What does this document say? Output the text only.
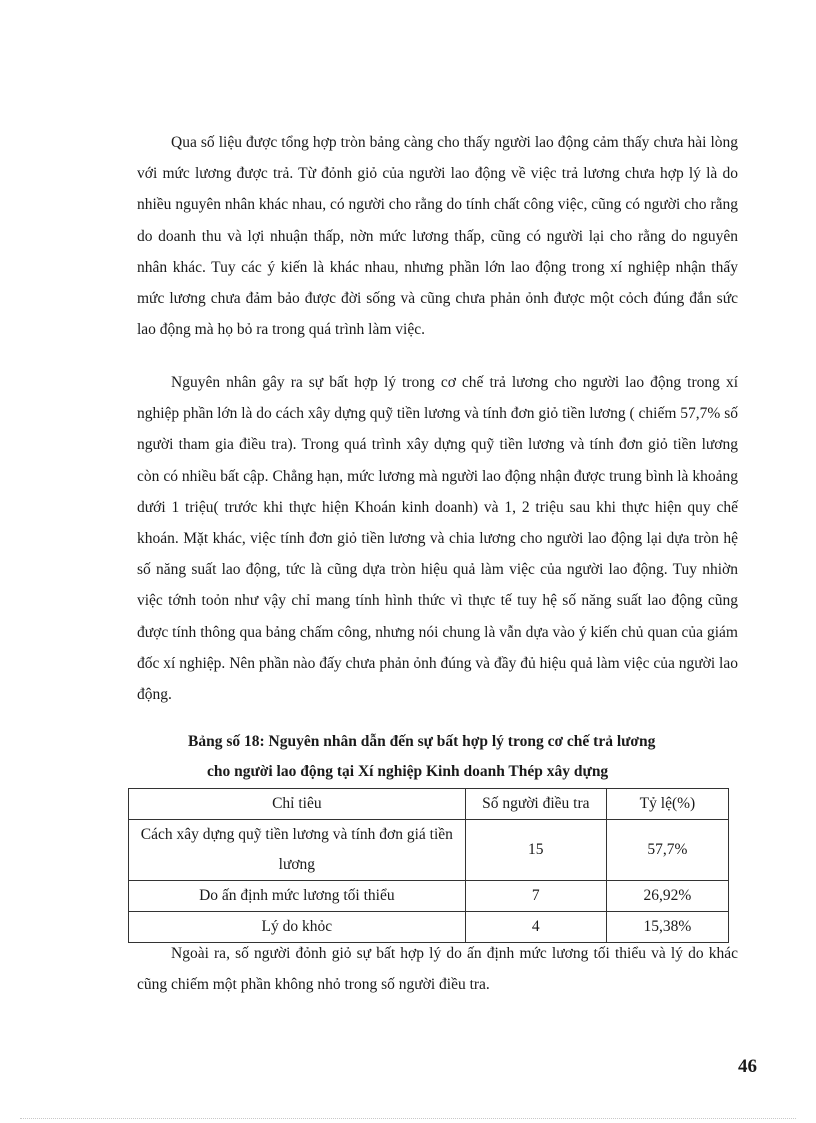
Qua số liệu được tổng hợp tròn bảng càng cho thấy người lao động cảm thấy chưa hài lòng với mức lương được trả. Từ đỏnh giỏ của người lao động về việc trả lương chưa hợp lý là do nhiều nguyên nhân khác nhau, có người cho rằng do tính chất công việc, cũng có người cho rằng do doanh thu và lợi nhuận thấp, nờn mức lương thấp, cũng có người lại cho rằng do nguyên nhân khác. Tuy các ý kiến là khác nhau, nhưng phần lớn lao động trong xí nghiệp nhận thấy mức lương chưa đảm bảo được đời sống và cũng chưa phản ỏnh được một cỏch đúng đắn sức lao động mà họ bỏ ra trong quá trình làm việc.

Nguyên nhân gây ra sự bất hợp lý trong cơ chế trả lương cho người lao động trong xí nghiệp phần lớn là do cách xây dựng quỹ tiền lương và tính đơn giỏ tiền lương ( chiếm 57,7% số người tham gia điều tra). Trong quá trình xây dựng quỹ tiền lương và tính đơn giỏ tiền lương còn có nhiều bất cập. Chẳng hạn, mức lương mà người lao động nhận được trung bình là khoảng dưới 1 triệu( trước khi thực hiện Khoán kinh doanh) và 1, 2 triệu sau khi thực hiện quy chế khoán. Mặt khác, việc tính đơn giỏ tiền lương và chia lương cho người lao động lại dựa tròn hệ số năng suất lao động, tức là cũng dựa tròn hiệu quả làm việc của người lao động. Tuy nhiờn việc tớnh toỏn như vậy chỉ mang tính hình thức vì thực tế tuy hệ số năng suất lao động cũng được tính thông qua bảng chấm công, nhưng nói chung là vẫn dựa vào ý kiến chủ quan của giám đốc xí nghiệp. Nên phần nào đấy chưa phản ỏnh đúng và đầy đủ hiệu quả làm việc của người lao động.

Bảng số 18: Nguyên nhân dẫn đến sự bất hợp lý trong cơ chế trả lương

cho người lao động tại Xí nghiệp Kinh doanh Thép xây dựng

Chỉ tiêu	Số người điều tra	Tỷ lệ(%)
Cách xây dựng quỹ tiền lương và tính đơn giá tiền lương	15	57,7%
Do ấn định mức lương tối thiểu	7	26,92%
Lý do khỏc	4	15,38%

Ngoài ra, số người đỏnh giỏ sự bất hợp lý do ấn định mức lương tối thiểu và lý do khác cũng chiếm một phần không nhỏ trong số người điều tra.

46
